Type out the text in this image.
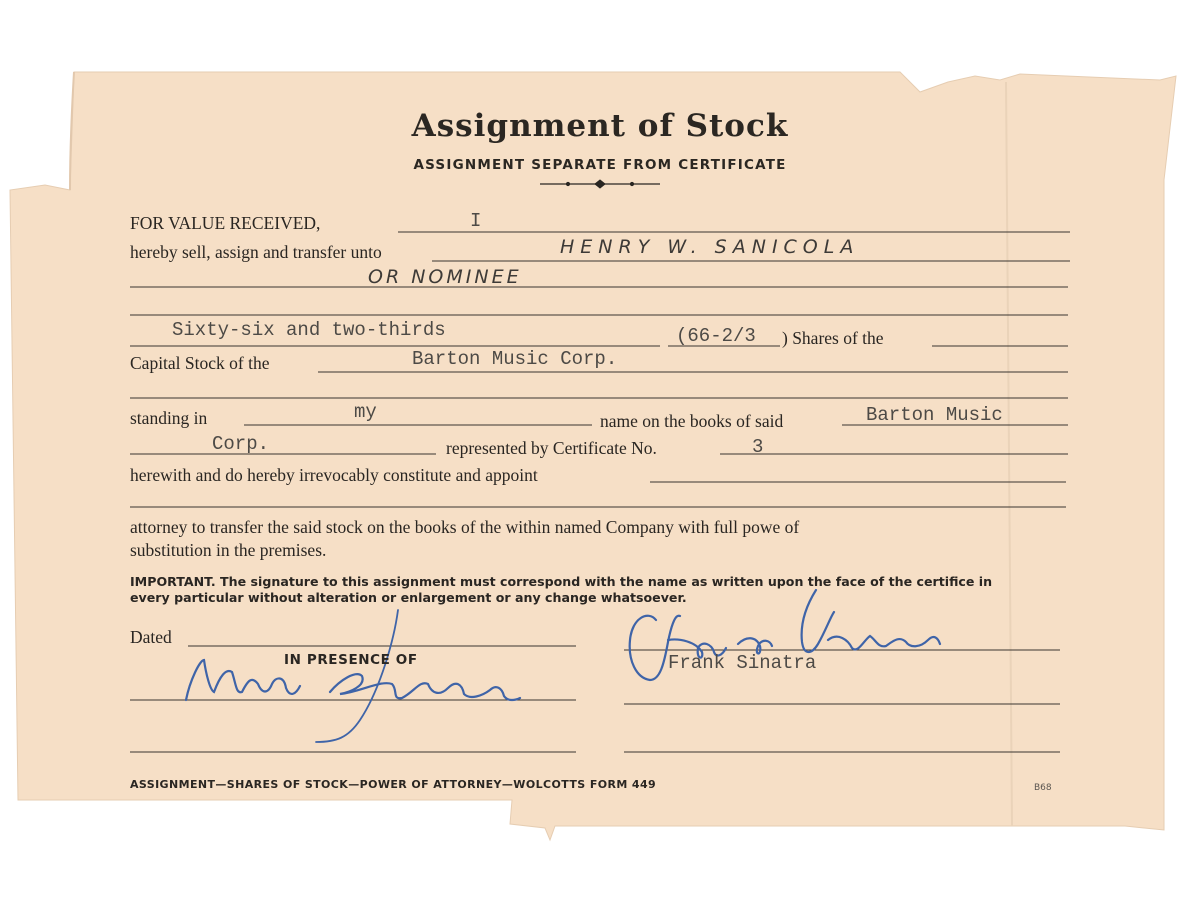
Assignment of Stock
ASSIGNMENT SEPARATE FROM CERTIFICATE
FOR VALUE RECEIVED,	I
hereby sell, assign and transfer unto	HENRY W. SANICOLA
OR NOMINEE
Sixty-six and two-thirds	(66-2/3 ) Shares of the
Capital Stock of the	Barton Music Corp.
standing in	my	name on the books of said	Barton Music
Corp.	represented by Certificate No.	3
herewith and do hereby irrevocably constitute and appoint
attorney to transfer the said stock on the books of the within named Company with full powe of
substitution in the premises.
IMPORTANT. The signature to this assignment must correspond with the name as written upon the face of the certifice in
every particular without alteration or enlargement or any change whatsoever.
Dated
IN PRESENCE OF	Frank Sinatra
ASSIGNMENT—SHARES OF STOCK—POWER OF ATTORNEY—WOLCOTTS FORM 449	B68
